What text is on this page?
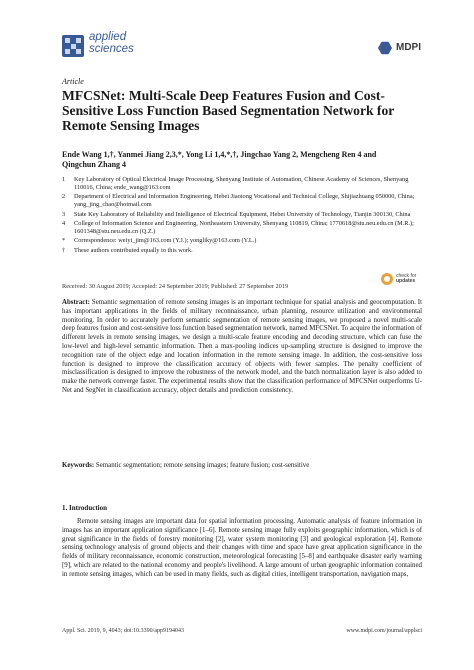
applied
sciences	MDPI
Article
MFCSNet: Multi-Scale Deep Features Fusion and Cost-Sensitive Loss Function Based Segmentation Network for Remote Sensing Images
Ende Wang 1,†, Yanmei Jiang 2,3,*, Yong Li 1,4,*,†, Jingchao Yang 2, Mengcheng Ren 4 and Qingchun Zhang 4
1	Key Laboratory of Optical Electrical Image Processing, Shenyang Institute of Automation, Chinese Academy of Sciences, Shenyang 110016, China; ende_wang@163.com
2	Department of Electrical and Information Engineering, Hebei Jiaotong Vocational and Technical College, Shijiazhuang 050000, China; yang_jing_chao@hotmail.com
3	State Key Laboratory of Reliability and Intelligence of Electrical Equipment, Hebei University of Technology, Tianjin 300130, China
4	College of Information Science and Engineering, Northeastern University, Shenyang 110819, China; 1770618@stu.neu.edu.cn (M.R.); 1601348@stu.neu.edu.cn (Q.Z.)
*	Correspondence: weiyi_jim@163.com (Y.J.); yongliky@163.com (Y.L.)
†	These authors contributed equally to this work.
check for
updates
Received: 30 August 2019; Accepted: 24 September 2019; Published: 27 September 2019
Abstract: Semantic segmentation of remote sensing images is an important technique for spatial analysis and geocomputation. It has important applications in the fields of military reconnaissance, urban planning, resource utilization and environmental monitoring. In order to accurately perform semantic segmentation of remote sensing images, we proposed a novel multi-scale deep features fusion and cost-sensitive loss function based segmentation network, named MFCSNet. To acquire the information of different levels in remote sensing images, we design a multi-scale feature encoding and decoding structure, which can fuse the low-level and high-level semantic information. Then a max-pooling indices up-sampling structure is designed to improve the recognition rate of the object edge and location information in the remote sensing image. In addition, the cost-sensitive loss function is designed to improve the classification accuracy of objects with fewer samples. The penalty coefficient of misclassification is designed to improve the robustness of the network model, and the batch normalization layer is also added to make the network converge faster. The experimental results show that the classification performance of MFCSNet outperforms U-Net and SegNet in classification accuracy, object details and prediction consistency.
Keywords: Semantic segmentation; remote sensing images; feature fusion; cost-sensitive
1. Introduction

Remote sensing images are important data for spatial information processing. Automatic analysis of feature information in images has an important application significance [1–6]. Remote sensing image fully exploits geographic information, which is of great significance in the fields of forestry monitoring [2], water system monitoring [3] and geological exploration [4]. Remote sensing technology analysis of ground objects and their changes with time and space have great application significance in the fields of military reconnaissance, economic construction, meteorological forecasting [5–8] and earthquake disaster early warning [9], which are related to the national economy and people's livelihood. A large amount of urban geographic information contained in remote sensing images, which can be used in many fields, such as digital cities, intelligent transportation, navigation maps,

Appl. Sci. 2019, 9, 4043; doi:10.3390/app9194043	www.mdpi.com/journal/applsci
